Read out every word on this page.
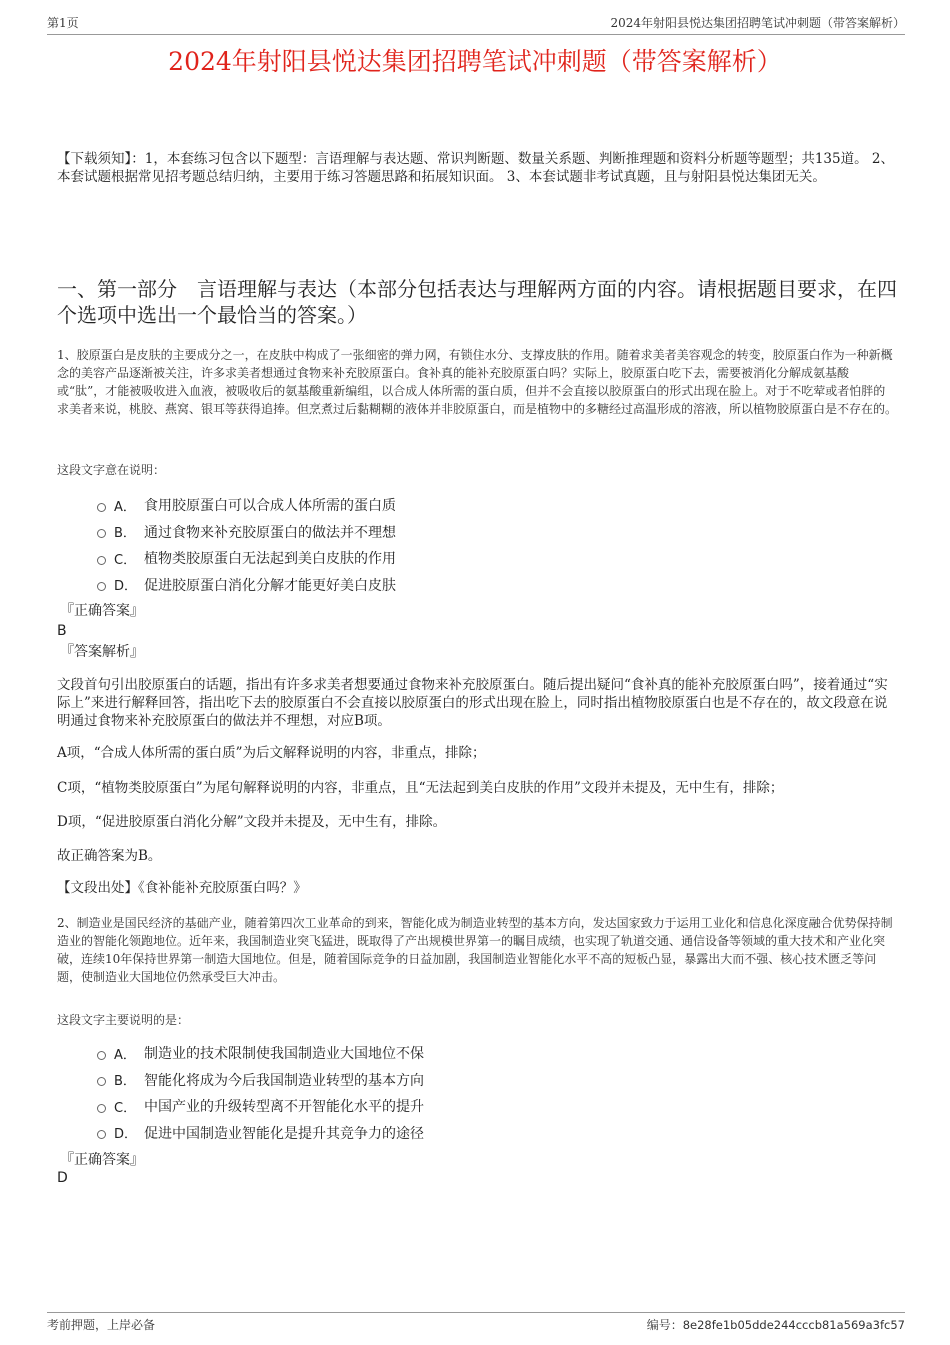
第1页	2024年射阳县悦达集团招聘笔试冲刺题（带答案解析）
2024年射阳县悦达集团招聘笔试冲刺题（带答案解析）

【下载须知】：1，本套练习包含以下题型：言语理解与表达题、常识判断题、数量关系题、判断推理题和资料分析题等题型；共135道。 2、本套试题根据常见招考题总结归纳，主要用于练习答题思路和拓展知识面。 3、本套试题非考试真题，且与射阳县悦达集团无关。

一、第一部分　言语理解与表达（本部分包括表达与理解两方面的内容。请根据题目要求，在四个选项中选出一个最恰当的答案。）

1、胶原蛋白是皮肤的主要成分之一，在皮肤中构成了一张细密的弹力网，有锁住水分、支撑皮肤的作用。随着求美者美容观念的转变，胶原蛋白作为一种新概念的美容产品逐渐被关注，许多求美者想通过食物来补充胶原蛋白。食补真的能补充胶原蛋白吗？实际上，胶原蛋白吃下去，需要被消化分解成氨基酸或“肽”，才能被吸收进入血液，被吸收后的氨基酸重新编组，以合成人体所需的蛋白质，但并不会直接以胶原蛋白的形式出现在脸上。对于不吃荤或者怕胖的求美者来说，桃胶、燕窝、银耳等获得追捧。但烹煮过后黏糊糊的液体并非胶原蛋白，而是植物中的多糖经过高温形成的溶液，所以植物胶原蛋白是不存在的。

这段文字意在说明：

A． 食用胶原蛋白可以合成人体所需的蛋白质
B． 通过食物来补充胶原蛋白的做法并不理想
C． 植物类胶原蛋白无法起到美白皮肤的作用
D． 促进胶原蛋白消化分解才能更好美白皮肤

『正确答案』

B

『答案解析』

文段首句引出胶原蛋白的话题，指出有许多求美者想要通过食物来补充胶原蛋白。随后提出疑问“食补真的能补充胶原蛋白吗”，接着通过“实际上”来进行解释回答，指出吃下去的胶原蛋白不会直接以胶原蛋白的形式出现在脸上，同时指出植物胶原蛋白也是不存在的，故文段意在说明通过食物来补充胶原蛋白的做法并不理想，对应B项。

A项，“合成人体所需的蛋白质”为后文解释说明的内容，非重点，排除；

C项，“植物类胶原蛋白”为尾句解释说明的内容，非重点，且“无法起到美白皮肤的作用”文段并未提及，无中生有，排除；

D项，“促进胶原蛋白消化分解”文段并未提及，无中生有，排除。

故正确答案为B。

【文段出处】《食补能补充胶原蛋白吗？》

2、制造业是国民经济的基础产业，随着第四次工业革命的到来，智能化成为制造业转型的基本方向，发达国家致力于运用工业化和信息化深度融合优势保持制造业的智能化领跑地位。近年来，我国制造业突飞猛进，既取得了产出规模世界第一的瞩目成绩，也实现了轨道交通、通信设备等领域的重大技术和产业化突破，连续10年保持世界第一制造大国地位。但是，随着国际竞争的日益加剧，我国制造业智能化水平不高的短板凸显，暴露出大而不强、核心技术匮乏等问题，使制造业大国地位仍然承受巨大冲击。

这段文字主要说明的是：

A． 制造业的技术限制使我国制造业大国地位不保
B． 智能化将成为今后我国制造业转型的基本方向
C． 中国产业的升级转型离不开智能化水平的提升
D． 促进中国制造业智能化是提升其竞争力的途径

『正确答案』

D

考前押题，上岸必备	编号：8e28fe1b05dde244cccb81a569a3fc57
